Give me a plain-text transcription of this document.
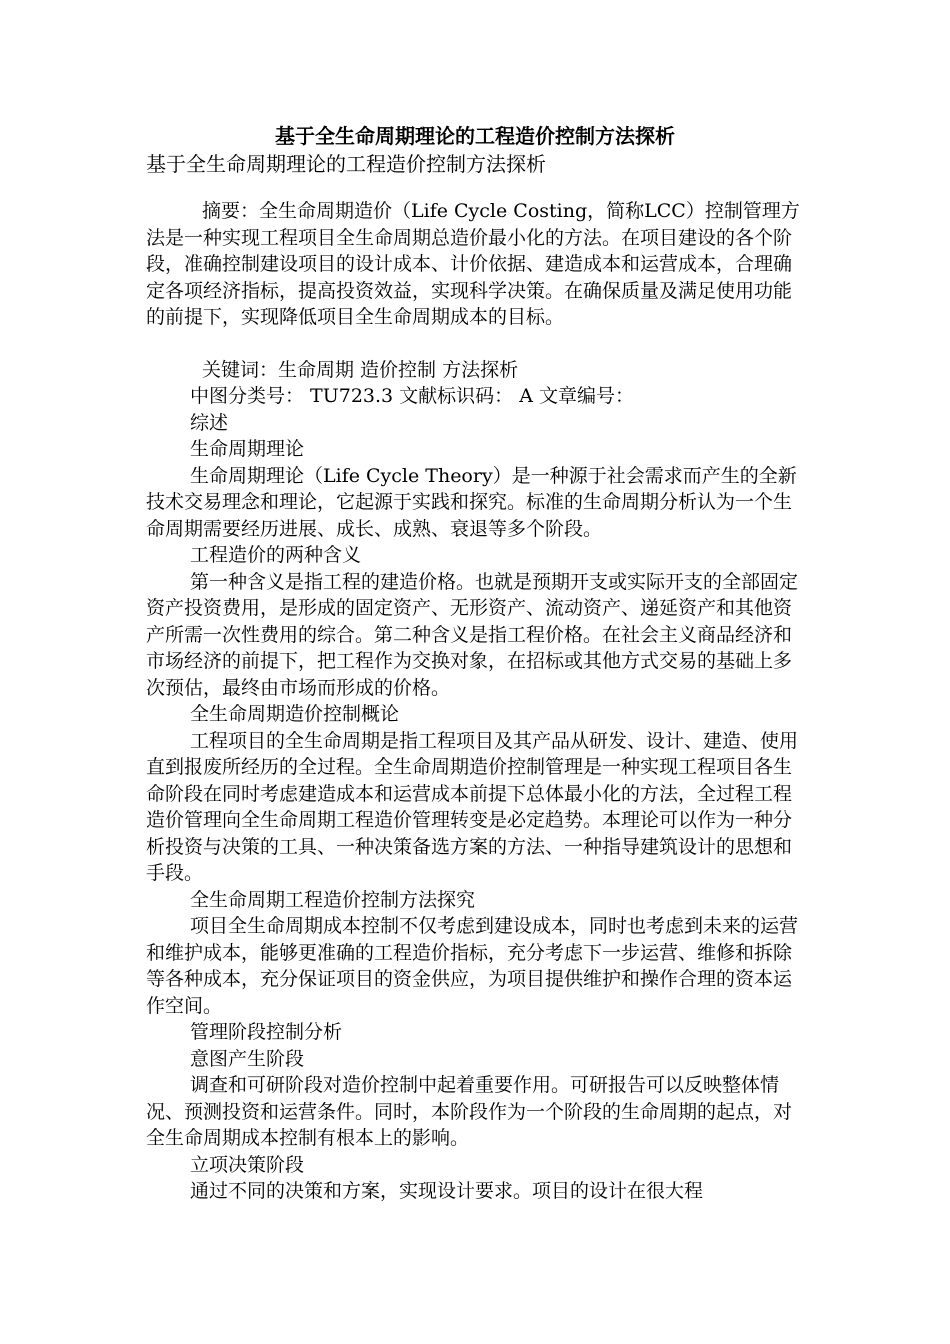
基于全生命周期理论的工程造价控制方法探析

基于全生命周期理论的工程造价控制方法探析

摘要：全生命周期造价（Life Cycle Costing，简称LCC）控制管理方法是一种实现工程项目全生命周期总造价最小化的方法。在项目建设的各个阶段，准确控制建设项目的设计成本、计价依据、建造成本和运营成本，合理确定各项经济指标，提高投资效益，实现科学决策。在确保质量及满足使用功能的前提下，实现降低项目全生命周期成本的目标。

关键词：生命周期 造价控制 方法探析

中图分类号： TU723.3 文献标识码： A 文章编号：

综述

生命周期理论

生命周期理论（Life Cycle Theory）是一种源于社会需求而产生的全新技术交易理念和理论，它起源于实践和探究。标准的生命周期分析认为一个生命周期需要经历进展、成长、成熟、衰退等多个阶段。

工程造价的两种含义

第一种含义是指工程的建造价格。也就是预期开支或实际开支的全部固定资产投资费用，是形成的固定资产、无形资产、流动资产、递延资产和其他资产所需一次性费用的综合。第二种含义是指工程价格。在社会主义商品经济和市场经济的前提下，把工程作为交换对象，在招标或其他方式交易的基础上多次预估，最终由市场而形成的价格。

全生命周期造价控制概论

工程项目的全生命周期是指工程项目及其产品从研发、设计、建造、使用直到报废所经历的全过程。全生命周期造价控制管理是一种实现工程项目各生命阶段在同时考虑建造成本和运营成本前提下总体最小化的方法，全过程工程造价管理向全生命周期工程造价管理转变是必定趋势。本理论可以作为一种分析投资与决策的工具、一种决策备选方案的方法、一种指导建筑设计的思想和手段。

全生命周期工程造价控制方法探究

项目全生命周期成本控制不仅考虑到建设成本，同时也考虑到未来的运营和维护成本，能够更准确的工程造价指标，充分考虑下一步运营、维修和拆除等各种成本，充分保证项目的资金供应，为项目提供维护和操作合理的资本运作空间。

管理阶段控制分析

意图产生阶段

调查和可研阶段对造价控制中起着重要作用。可研报告可以反映整体情况、预测投资和运营条件。同时，本阶段作为一个阶段的生命周期的起点，对全生命周期成本控制有根本上的影响。

立项决策阶段

通过不同的决策和方案，实现设计要求。项目的设计在很大程
